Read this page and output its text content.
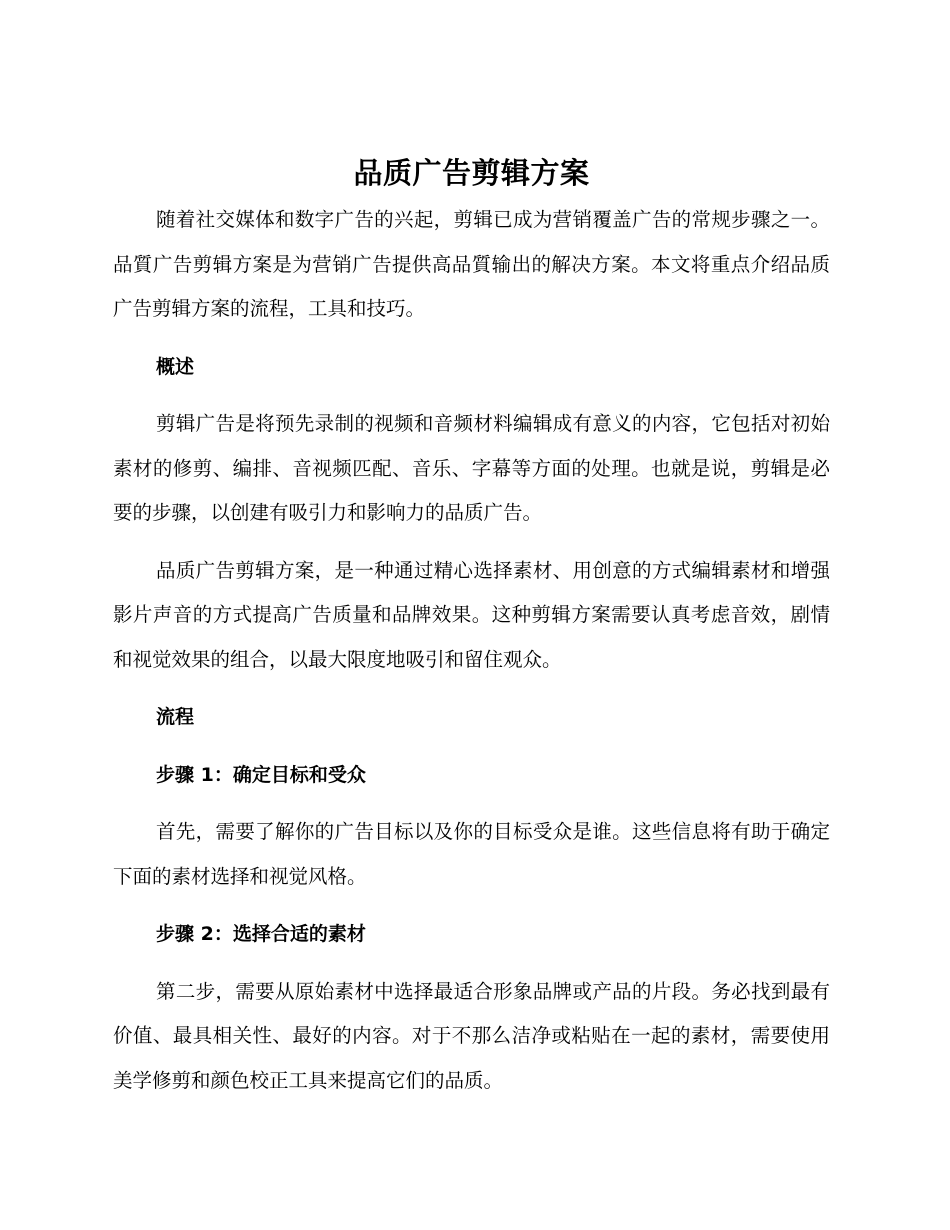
品质广告剪辑方案

随着社交媒体和数字广告的兴起，剪辑已成为营销覆盖广告的常规步骤之一。品質广告剪辑方案是为营销广告提供高品質输出的解决方案。本文将重点介绍品质广告剪辑方案的流程，工具和技巧。

概述

剪辑广告是将预先录制的视频和音频材料编辑成有意义的内容，它包括对初始素材的修剪、编排、音视频匹配、音乐、字幕等方面的处理。也就是说，剪辑是必要的步骤，以创建有吸引力和影响力的品质广告。

品质广告剪辑方案，是一种通过精心选择素材、用创意的方式编辑素材和增强影片声音的方式提高广告质量和品牌效果。这种剪辑方案需要认真考虑音效，剧情和视觉效果的组合，以最大限度地吸引和留住观众。

流程
步骤 1：确定目标和受众

首先，需要了解你的广告目标以及你的目标受众是谁。这些信息将有助于确定下面的素材选择和视觉风格。

步骤 2：选择合适的素材

第二步，需要从原始素材中选择最适合形象品牌或产品的片段。务必找到最有价值、最具相关性、最好的内容。对于不那么洁净或粘贴在一起的素材，需要使用美学修剪和颜色校正工具来提高它们的品质。
